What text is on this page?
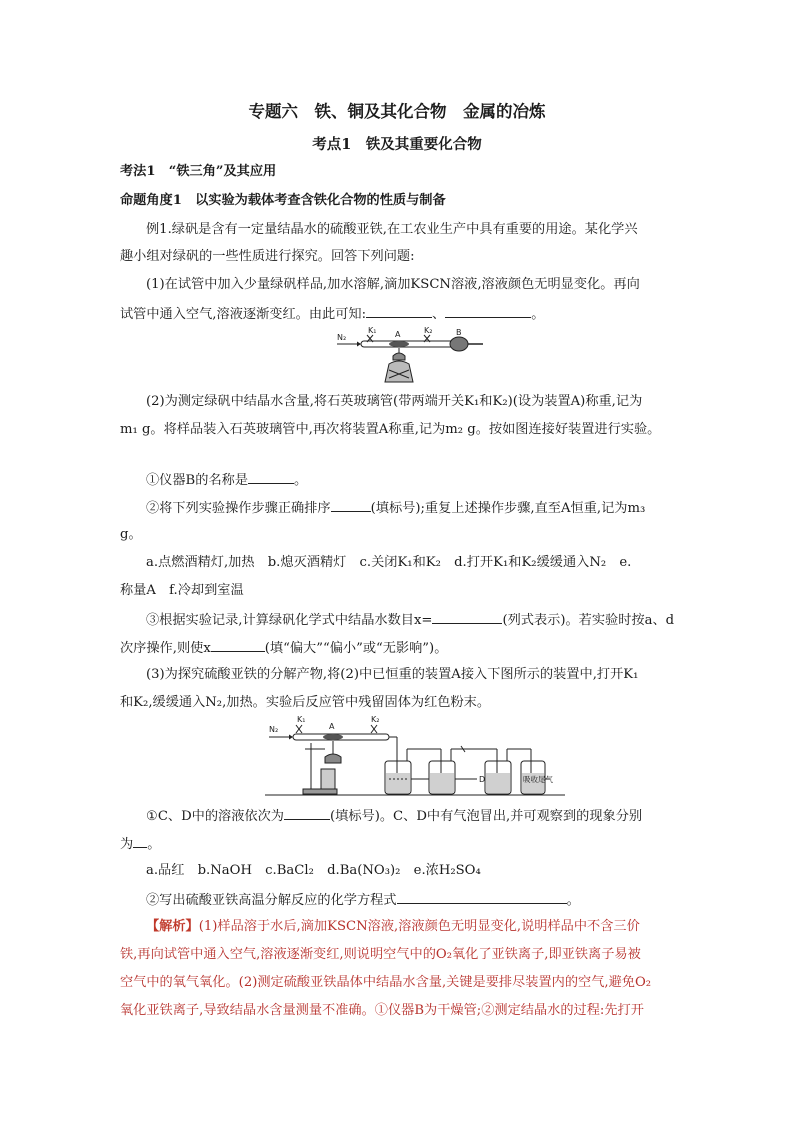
专题六　铁、铜及其化合物　金属的冶炼
考点1　铁及其重要化合物
考法1　“铁三角”及其应用
命题角度1　以实验为载体考查含铁化合物的性质与制备
例1.绿矾是含有一定量结晶水的硫酸亚铁,在工农业生产中具有重要的用途。某化学兴
趣小组对绿矾的一些性质进行探究。回答下列问题:
(1)在试管中加入少量绿矾样品,加水溶解,滴加KSCN溶液,溶液颜色无明显变化。再向
试管中通入空气,溶液逐渐变红。由此可知:	、	。
N₂
K₁ A	K₂	B
(2)为测定绿矾中结晶水含量,将石英玻璃管(带两端开关K₁和K₂)(设为装置A)称重,记为
m₁ g。将样品装入石英玻璃管中,再次将装置A称重,记为m₂ g。按如图连接好装置进行实验。
①仪器B的名称是	。
②将下列实验操作步骤正确排序	(填标号);重复上述操作步骤,直至A恒重,记为m₃
g。
a.点燃酒精灯,加热　b.熄灭酒精灯　c.关闭K₁和K₂　d.打开K₁和K₂缓缓通入N₂　e.
称量A　f.冷却到室温
③根据实验记录,计算绿矾化学式中结晶水数目x=	(列式表示)。若实验时按a、d
次序操作,则使x	(填“偏大”“偏小”或“无影响”)。
(3)为探究硫酸亚铁的分解产物,将(2)中已恒重的装置A接入下图所示的装置中,打开K₁
和K₂,缓缓通入N₂,加热。实验后反应管中残留固体为红色粉末。
N₂
K₁
A
K₂
D	吸收尾气
①C、D中的溶液依次为	(填标号)。C、D中有气泡冒出,并可观察到的现象分别
为 。
a.品红　b.NaOH　c.BaCl₂　d.Ba(NO₃)₂　e.浓H₂SO₄
②写出硫酸亚铁高温分解反应的化学方程式	。
【解析】(1)样品溶于水后,滴加KSCN溶液,溶液颜色无明显变化,说明样品中不含三价
铁,再向试管中通入空气,溶液逐渐变红,则说明空气中的O₂氧化了亚铁离子,即亚铁离子易被
空气中的氧气氧化。(2)测定硫酸亚铁晶体中结晶水含量,关键是要排尽装置内的空气,避免O₂
氧化亚铁离子,导致结晶水含量测量不准确。①仪器B为干燥管;②测定结晶水的过程:先打开
